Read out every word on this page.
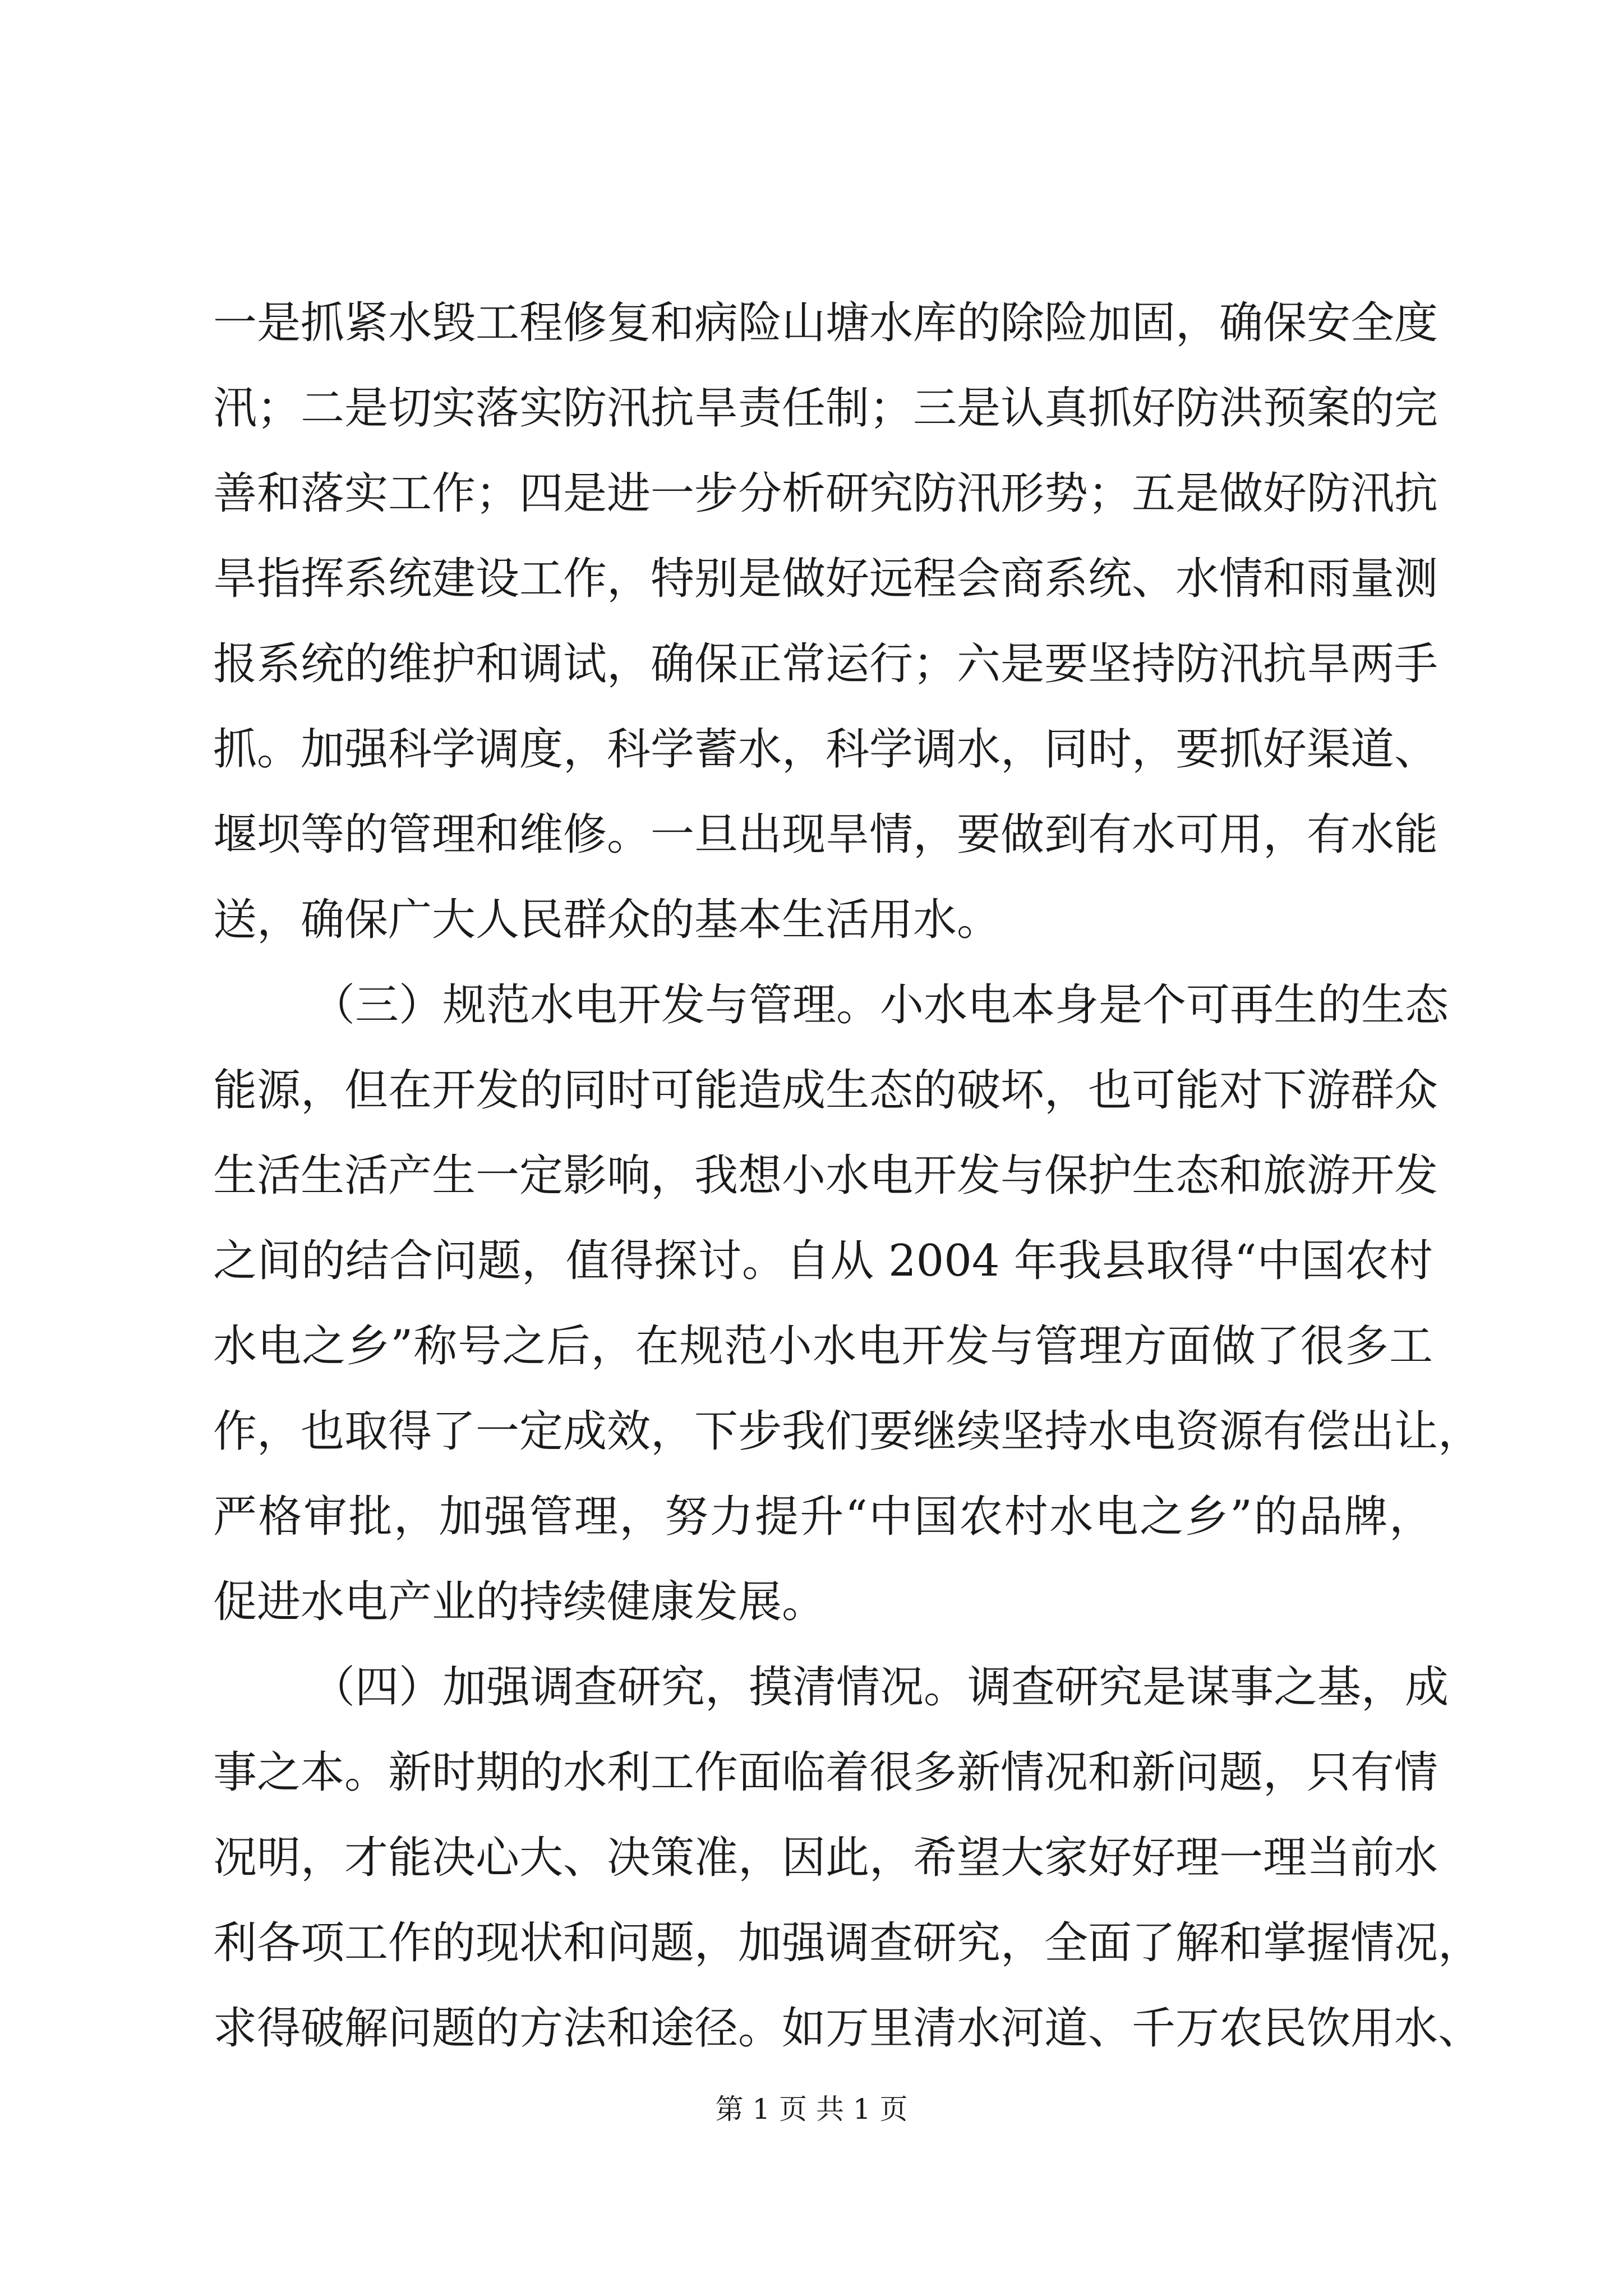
一是抓紧水毁工程修复和病险山塘水库的除险加固，确保安全度
汛；二是切实落实防汛抗旱责任制；三是认真抓好防洪预案的完
善和落实工作；四是进一步分析研究防汛形势；五是做好防汛抗
旱指挥系统建设工作，特别是做好远程会商系统、水情和雨量测
报系统的维护和调试，确保正常运行；六是要坚持防汛抗旱两手
抓。加强科学调度，科学蓄水，科学调水，同时，要抓好渠道、
堰坝等的管理和维修。一旦出现旱情，要做到有水可用，有水能
送，确保广大人民群众的基本生活用水。
（三）规范水电开发与管理。小水电本身是个可再生的生态
能源，但在开发的同时可能造成生态的破坏，也可能对下游群众
生活生活产生一定影响，我想小水电开发与保护生态和旅游开发
之间的结合问题，值得探讨。自从 2004 年我县取得“中国农村
水电之乡”称号之后，在规范小水电开发与管理方面做了很多工
作，也取得了一定成效，下步我们要继续坚持水电资源有偿出让，
严格审批，加强管理，努力提升“中国农村水电之乡”的品牌，
促进水电产业的持续健康发展。
（四）加强调查研究，摸清情况。调查研究是谋事之基，成
事之本。新时期的水利工作面临着很多新情况和新问题，只有情
况明，才能决心大、决策准，因此，希望大家好好理一理当前水
利各项工作的现状和问题，加强调查研究，全面了解和掌握情况，
求得破解问题的方法和途径。如万里清水河道、千万农民饮用水、
第 1 页 共 1 页
